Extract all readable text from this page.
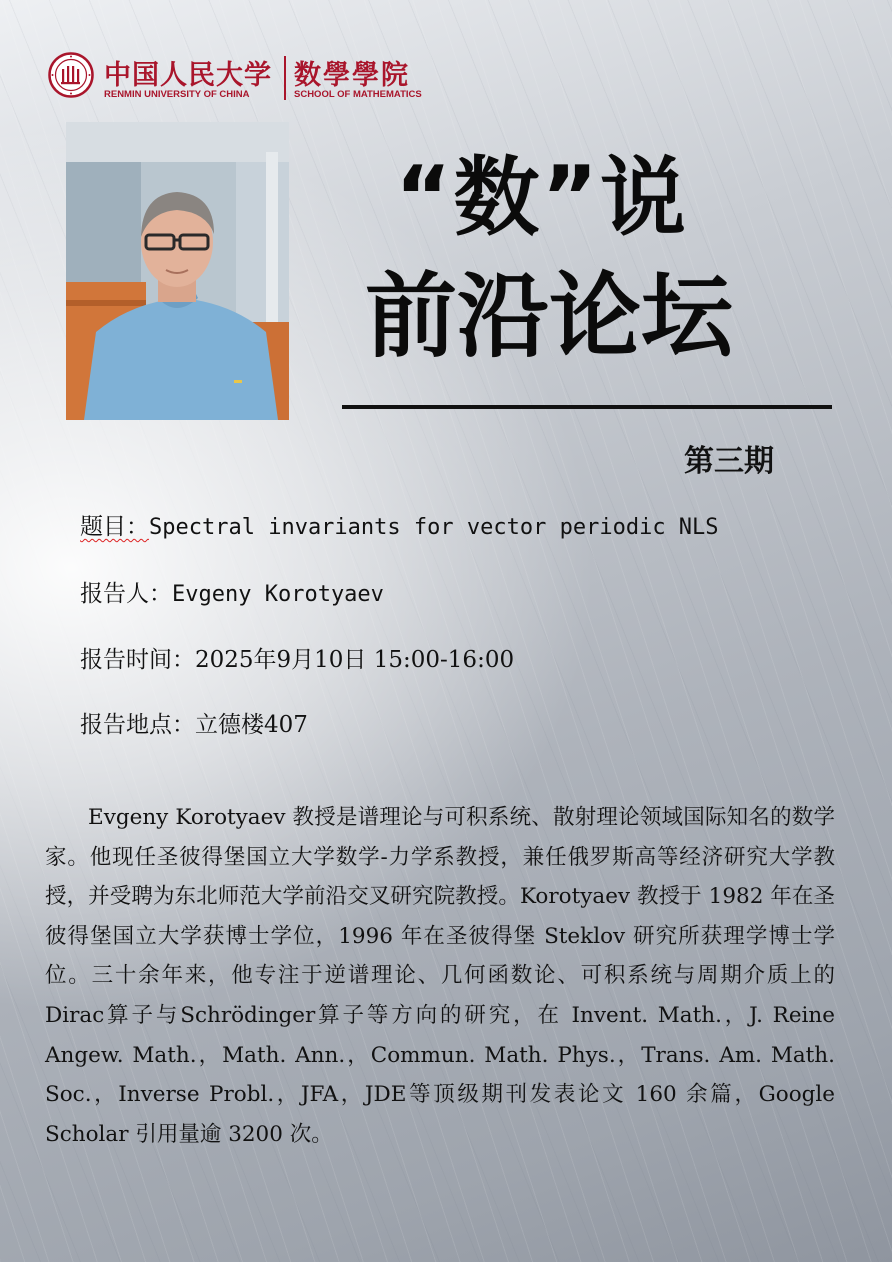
中国人民大学
RENMIN UNIVERSITY OF CHINA
数學學院
SCHOOL OF MATHEMATICS
“数”说
前沿论坛
第三期
题目：Spectral invariants for vector periodic NLS
报告人：Evgeny Korotyaev
报告时间：2025年9月10日 15:00-16:00
报告地点：立德楼407

Evgeny Korotyaev 教授是谱理论与可积系统、散射理论领域国际知名的数学家。他现任圣彼得堡国立大学数学-力学系教授，兼任俄罗斯高等经济研究大学教授，并受聘为东北师范大学前沿交叉研究院教授。Korotyaev 教授于 1982 年在圣彼得堡国立大学获博士学位，1996 年在圣彼得堡 Steklov 研究所获理学博士学位。三十余年来，他专注于逆谱理论、几何函数论、可积系统与周期介质上的Dirac算子与Schrödinger算子等方向的研究，在 Invent. Math.，J. Reine Angew. Math.，Math. Ann.，Commun. Math. Phys.，Trans. Am. Math. Soc.，Inverse Probl.，JFA，JDE等顶级期刊发表论文 160 余篇，Google Scholar 引用量逾 3200 次。
